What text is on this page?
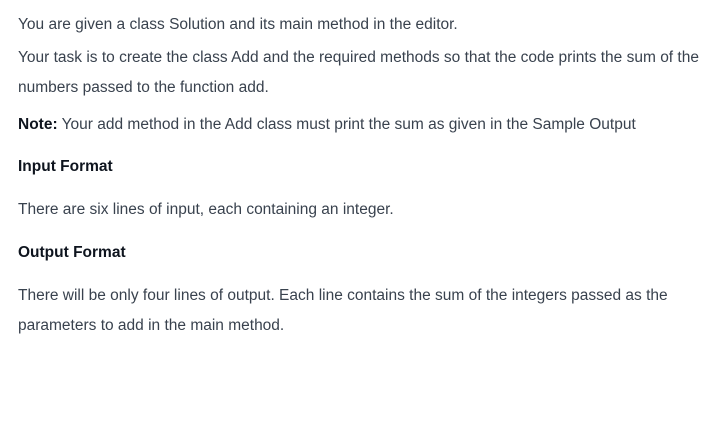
You are given a class Solution and its main method in the editor.

Your task is to create the class Add and the required methods so that the code prints the sum of the numbers passed to the function add.

Note: Your add method in the Add class must print the sum as given in the Sample Output

Input Format

There are six lines of input, each containing an integer.

Output Format

There will be only four lines of output. Each line contains the sum of the integers passed as the parameters to add in the main method.
